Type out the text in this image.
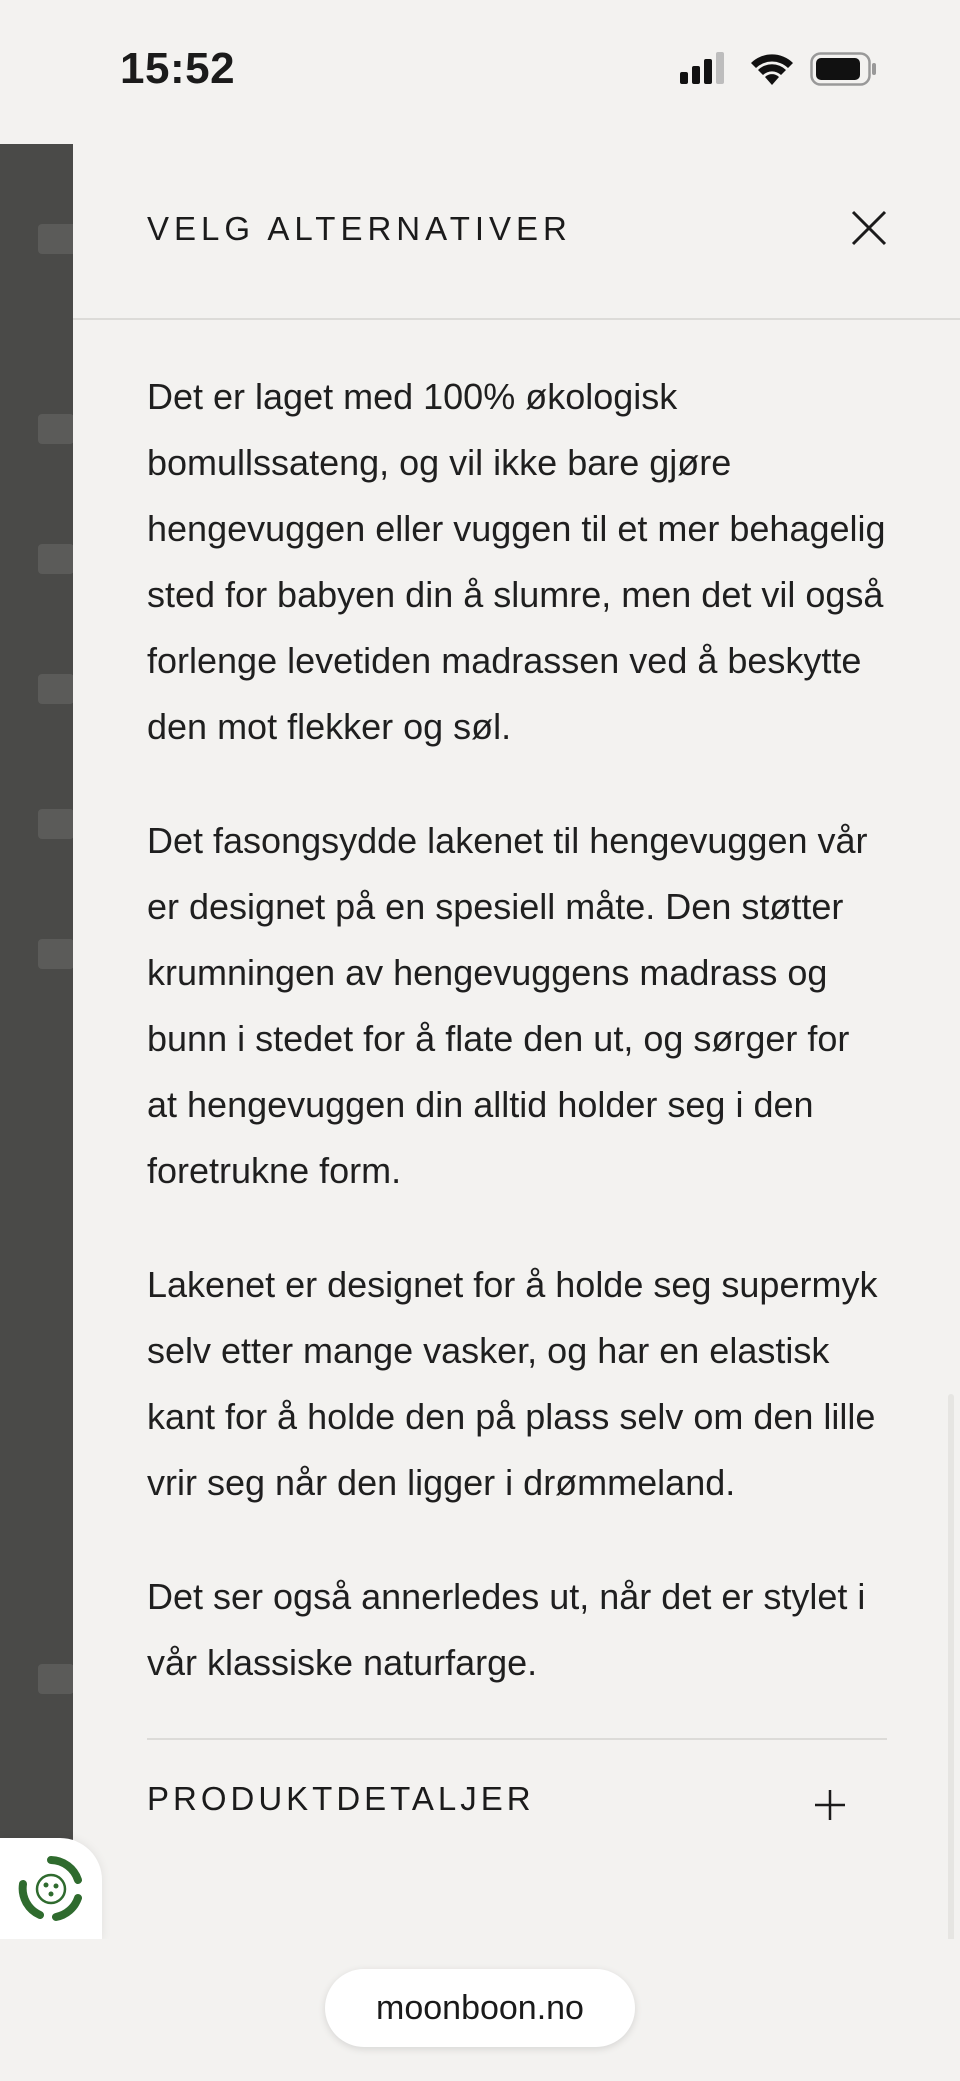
15:52
VELG ALTERNATIVER

Det er laget med 100% økologisk bomullssateng, og vil ikke bare gjøre hengevuggen eller vuggen til et mer behagelig sted for babyen din å slumre, men det vil også forlenge levetiden madrassen ved å beskytte den mot flekker og søl.

Det fasongsydde lakenet til hengevuggen vår er designet på en spesiell måte. Den støtter krumningen av hengevuggens madrass og bunn i stedet for å flate den ut, og sørger for at hengevuggen din alltid holder seg i den foretrukne form.

Lakenet er designet for å holde seg supermyk selv etter mange vasker, og har en elastisk kant for å holde den på plass selv om den lille vrir seg når den ligger i drømmeland.

Det ser også annerledes ut, når det er stylet i vår klassiske naturfarge.

PRODUKTDETALJER
moonboon.no
